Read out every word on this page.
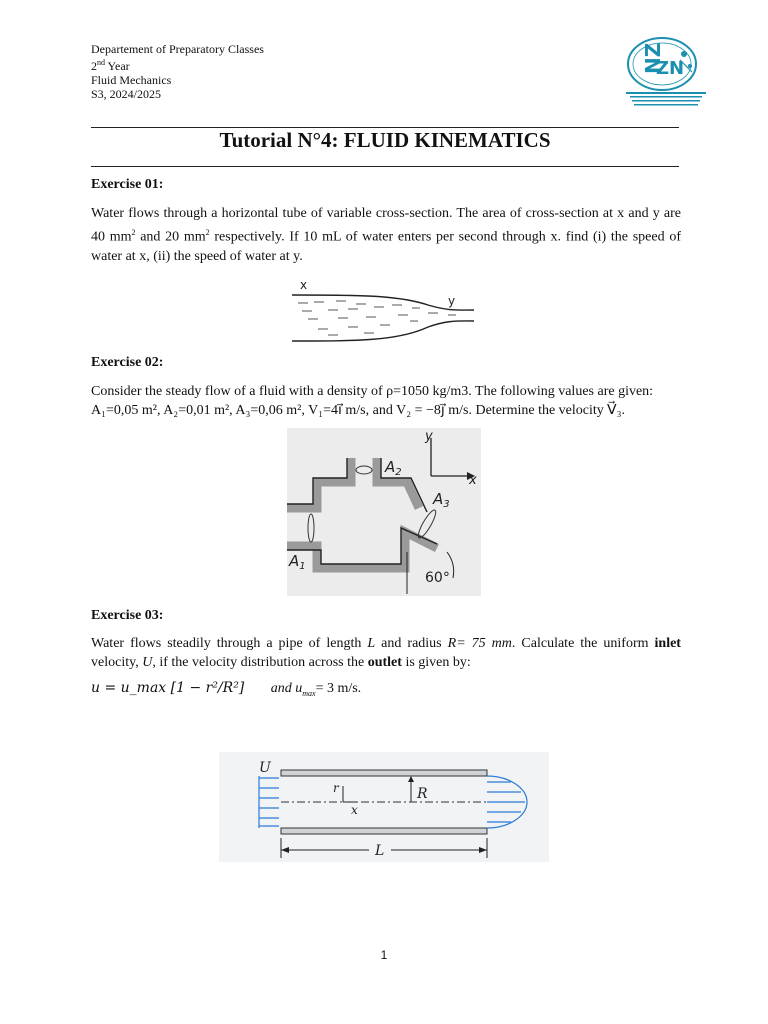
Departement of Preparatory Classes
2nd Year
Fluid Mechanics
S3, 2024/2025
NZ
ZN
Tutorial N°4: FLUID KINEMATICS
Exercise 01:
Water flows through a horizontal tube of variable cross-section. The area of cross-section at x and y are 40 $mm^2$ and 20 $mm^2$ respectively. If 10 mL of water enters per second through x. find (i) the speed of water at x, (ii) the speed of water at y.
x
y
Exercise 02:
Consider the steady flow of a fluid with a density of ρ=1050 kg/m3. The following values are given:
A₁=0,05 m², A₂=0,01 m², A₃=0,06 m², V₁=4i⃗ m/s, and V₂ = −8j⃗ m/s. Determine the velocity V⃗₃.
$A_1$
$A_2$
$A_3$
y
x
60°
Exercise 03:
Water flows steadily through a pipe of length L and radius R= 75 mm. Calculate the uniform inlet velocity, U, if the velocity distribution across the outlet is given by:
u = u_max [1 − r²/R²] and $u_{max}= 3$ m/s.
U
r
x
R
L
1
